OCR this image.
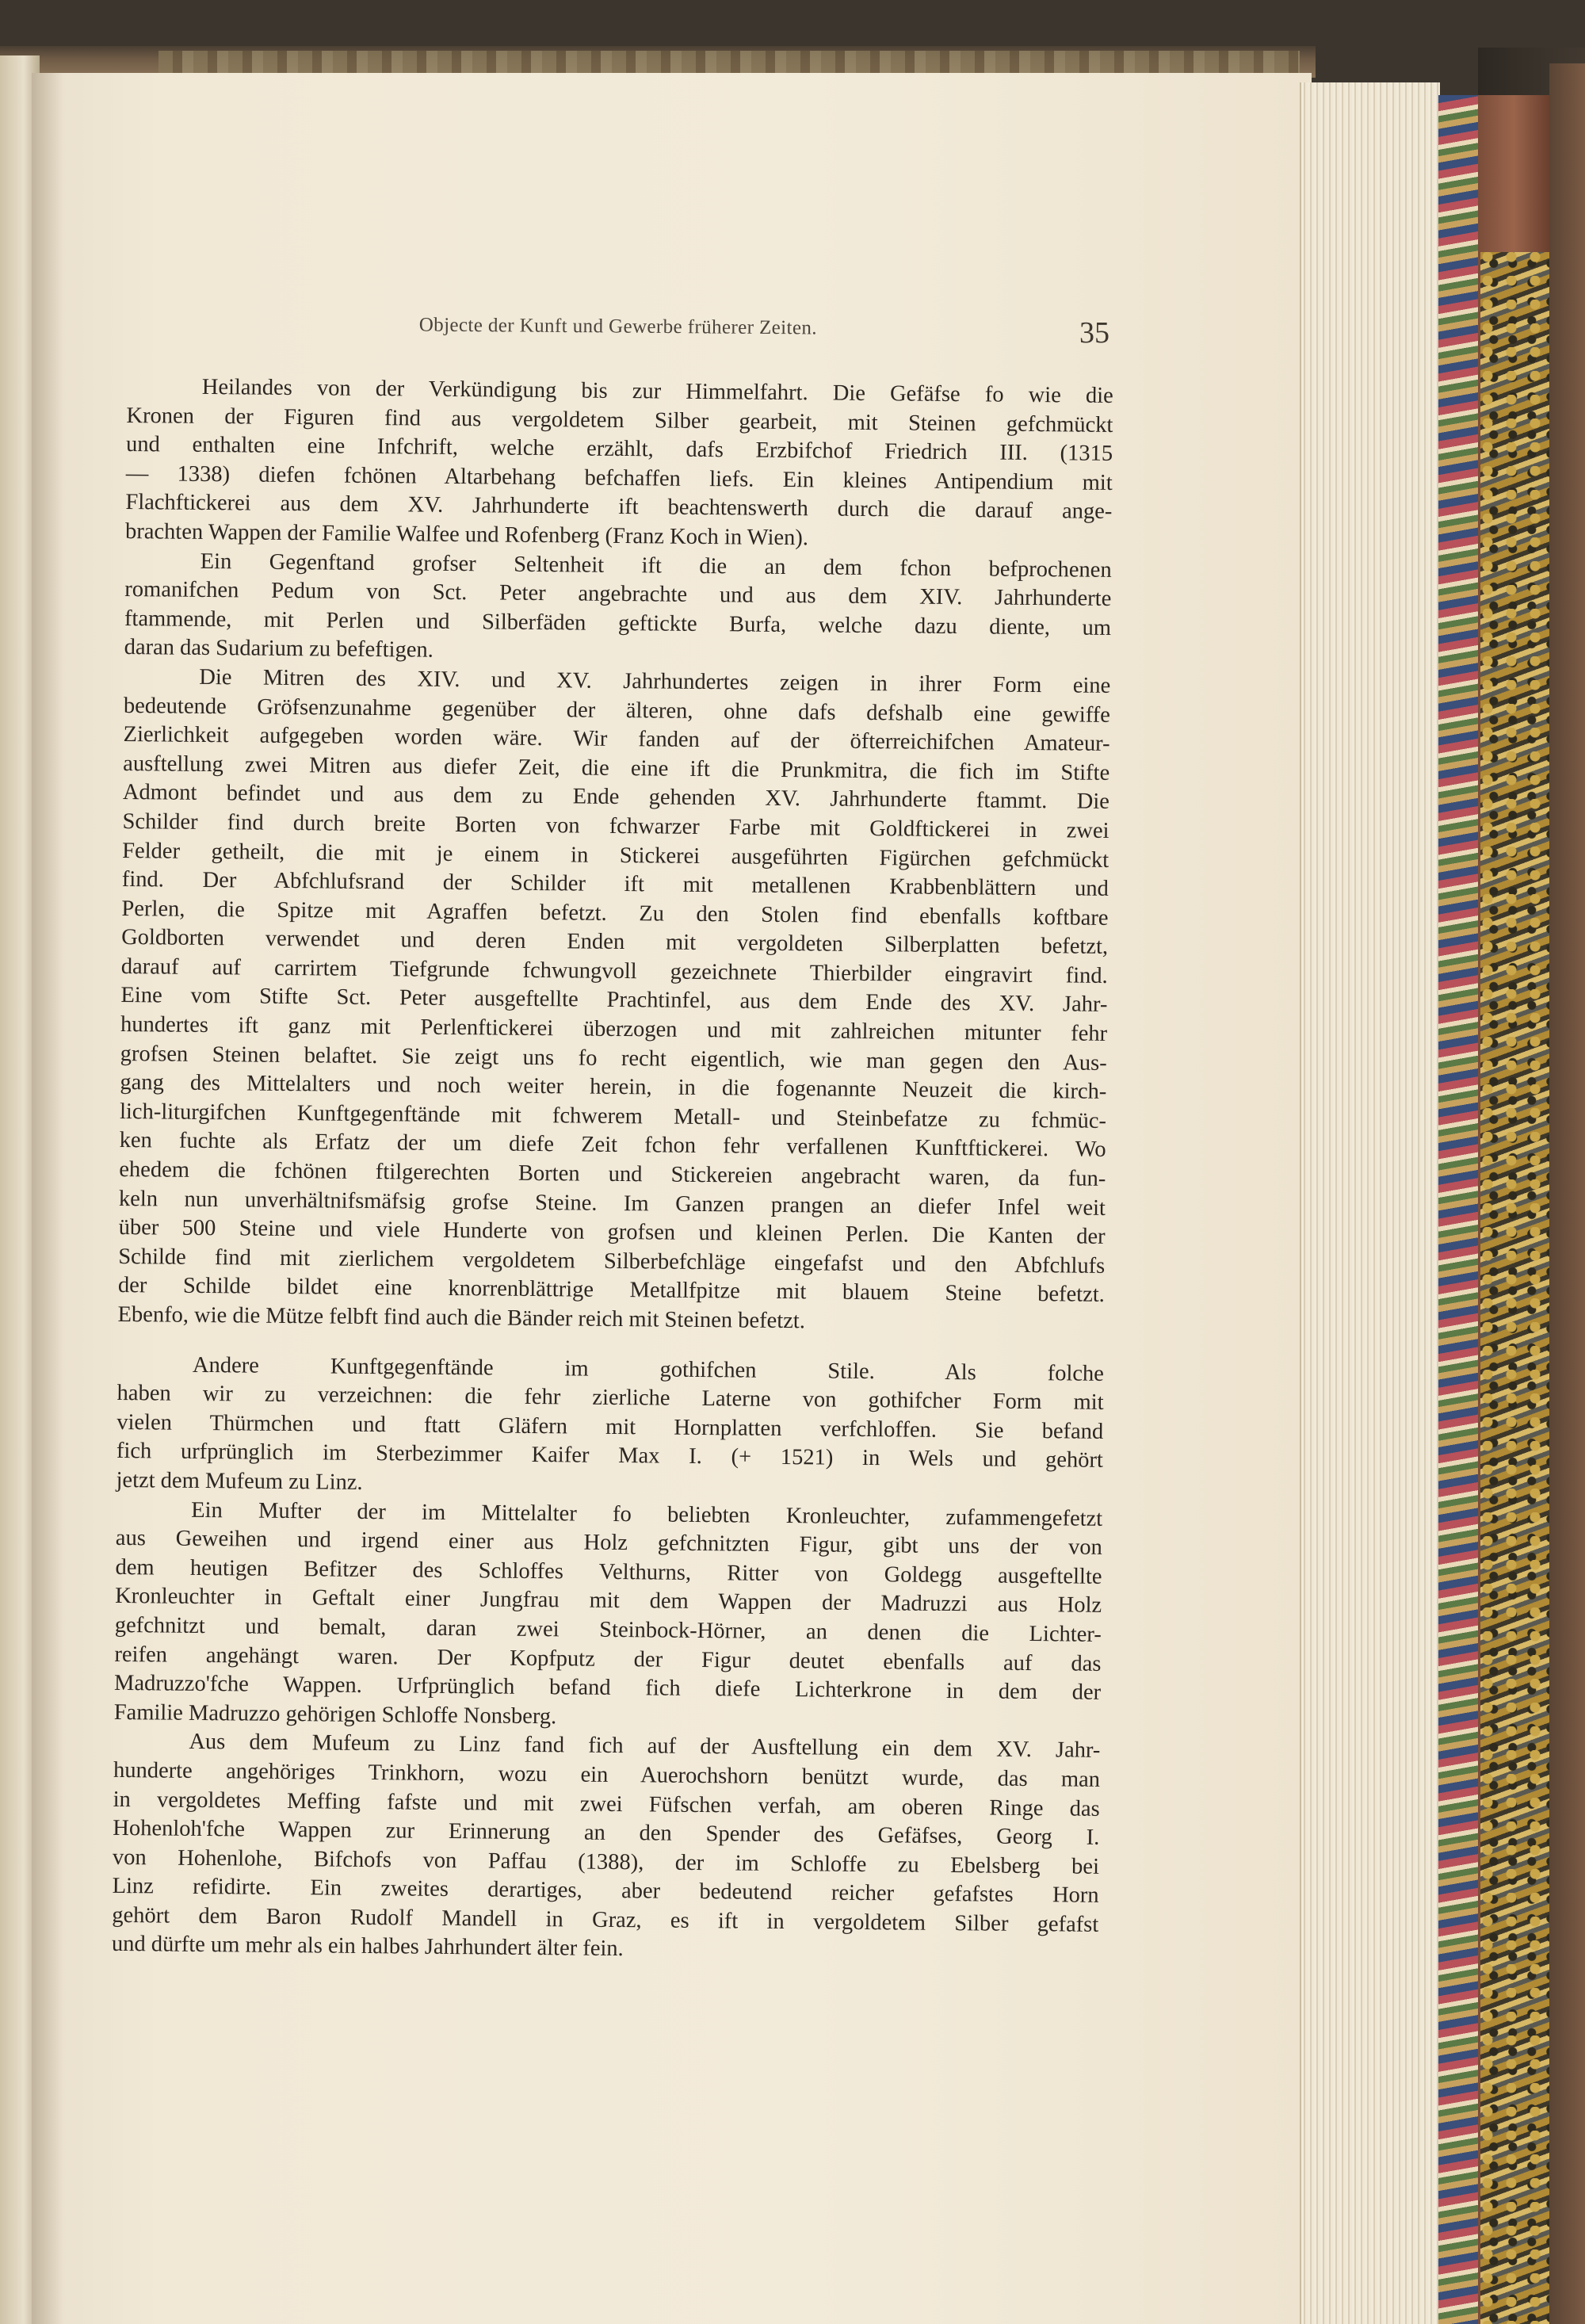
Objecte der Kunft und Gewerbe früherer Zeiten.	35
Heilandes von der Verkündigung bis zur Himmelfahrt. Die Gefäfse fo wie die
Kronen der Figuren find aus vergoldetem Silber gearbeit, mit Steinen gefchmückt
und enthalten eine Infchrift, welche erzählt, dafs Erzbifchof Friedrich III. (1315
— 1338) diefen fchönen Altarbehang befchaffen liefs. Ein kleines Antipendium mit
Flachftickerei aus dem XV. Jahrhunderte ift beachtenswerth durch die darauf ange-
brachten Wappen der Familie Walfee und Rofenberg (Franz Koch in Wien).
Ein Gegenftand grofser Seltenheit ift die an dem fchon befprochenen
romanifchen Pedum von Sct. Peter angebrachte und aus dem XIV. Jahrhunderte
ftammende, mit Perlen und Silberfäden geftickte Burfa, welche dazu diente, um
daran das Sudarium zu befeftigen.
Die Mitren des XIV. und XV. Jahrhundertes zeigen in ihrer Form eine
bedeutende Gröfsenzunahme gegenüber der älteren, ohne dafs defshalb eine gewiffe
Zierlichkeit aufgegeben worden wäre. Wir fanden auf der öfterreichifchen Amateur-
ausftellung zwei Mitren aus diefer Zeit, die eine ift die Prunkmitra, die fich im Stifte
Admont befindet und aus dem zu Ende gehenden XV. Jahrhunderte ftammt. Die
Schilder find durch breite Borten von fchwarzer Farbe mit Goldftickerei in zwei
Felder getheilt, die mit je einem in Stickerei ausgeführten Figürchen gefchmückt
find. Der Abfchlufsrand der Schilder ift mit metallenen Krabbenblättern und
Perlen, die Spitze mit Agraffen befetzt. Zu den Stolen find ebenfalls koftbare
Goldborten verwendet und deren Enden mit vergoldeten Silberplatten befetzt,
darauf auf carrirtem Tiefgrunde fchwungvoll gezeichnete Thierbilder eingravirt find.
Eine vom Stifte Sct. Peter ausgeftellte Prachtinfel, aus dem Ende des XV. Jahr-
hundertes ift ganz mit Perlenftickerei überzogen und mit zahlreichen mitunter fehr
grofsen Steinen belaftet. Sie zeigt uns fo recht eigentlich, wie man gegen den Aus-
gang des Mittelalters und noch weiter herein, in die fogenannte Neuzeit die kirch-
lich-liturgifchen Kunftgegenftände mit fchwerem Metall- und Steinbefatze zu fchmüc-
ken fuchte als Erfatz der um diefe Zeit fchon fehr verfallenen Kunftftickerei. Wo
ehedem die fchönen ftilgerechten Borten und Stickereien angebracht waren, da fun-
keln nun unverhältnifsmäfsig grofse Steine. Im Ganzen prangen an diefer Infel weit
über 500 Steine und viele Hunderte von grofsen und kleinen Perlen. Die Kanten der
Schilde find mit zierlichem vergoldetem Silberbefchläge eingefafst und den Abfchlufs
der Schilde bildet eine knorrenblättrige Metallfpitze mit blauem Steine befetzt.
Ebenfo, wie die Mütze felbft find auch die Bänder reich mit Steinen befetzt.
Andere Kunftgegenftände im gothifchen Stile. Als folche
haben wir zu verzeichnen: die fehr zierliche Laterne von gothifcher Form mit
vielen Thürmchen und ftatt Gläfern mit Hornplatten verfchloffen. Sie befand
fich urfprünglich im Sterbezimmer Kaifer Max I. (+ 1521) in Wels und gehört
jetzt dem Mufeum zu Linz.
Ein Mufter der im Mittelalter fo beliebten Kronleuchter, zufammengefetzt
aus Geweihen und irgend einer aus Holz gefchnitzten Figur, gibt uns der von
dem heutigen Befitzer des Schloffes Velthurns, Ritter von Goldegg ausgeftellte
Kronleuchter in Geftalt einer Jungfrau mit dem Wappen der Madruzzi aus Holz
gefchnitzt und bemalt, daran zwei Steinbock-Hörner, an denen die Lichter-
reifen angehängt waren. Der Kopfputz der Figur deutet ebenfalls auf das
Madruzzo'fche Wappen. Urfprünglich befand fich diefe Lichterkrone in dem der
Familie Madruzzo gehörigen Schloffe Nonsberg.
Aus dem Mufeum zu Linz fand fich auf der Ausftellung ein dem XV. Jahr-
hunderte angehöriges Trinkhorn, wozu ein Auerochshorn benützt wurde, das man
in vergoldetes Meffing fafste und mit zwei Füfschen verfah, am oberen Ringe das
Hohenloh'fche Wappen zur Erinnerung an den Spender des Gefäfses, Georg I.
von Hohenlohe, Bifchofs von Paffau (1388), der im Schloffe zu Ebelsberg bei
Linz refidirte. Ein zweites derartiges, aber bedeutend reicher gefafstes Horn
gehört dem Baron Rudolf Mandell in Graz, es ift in vergoldetem Silber gefafst
und dürfte um mehr als ein halbes Jahrhundert älter fein.
